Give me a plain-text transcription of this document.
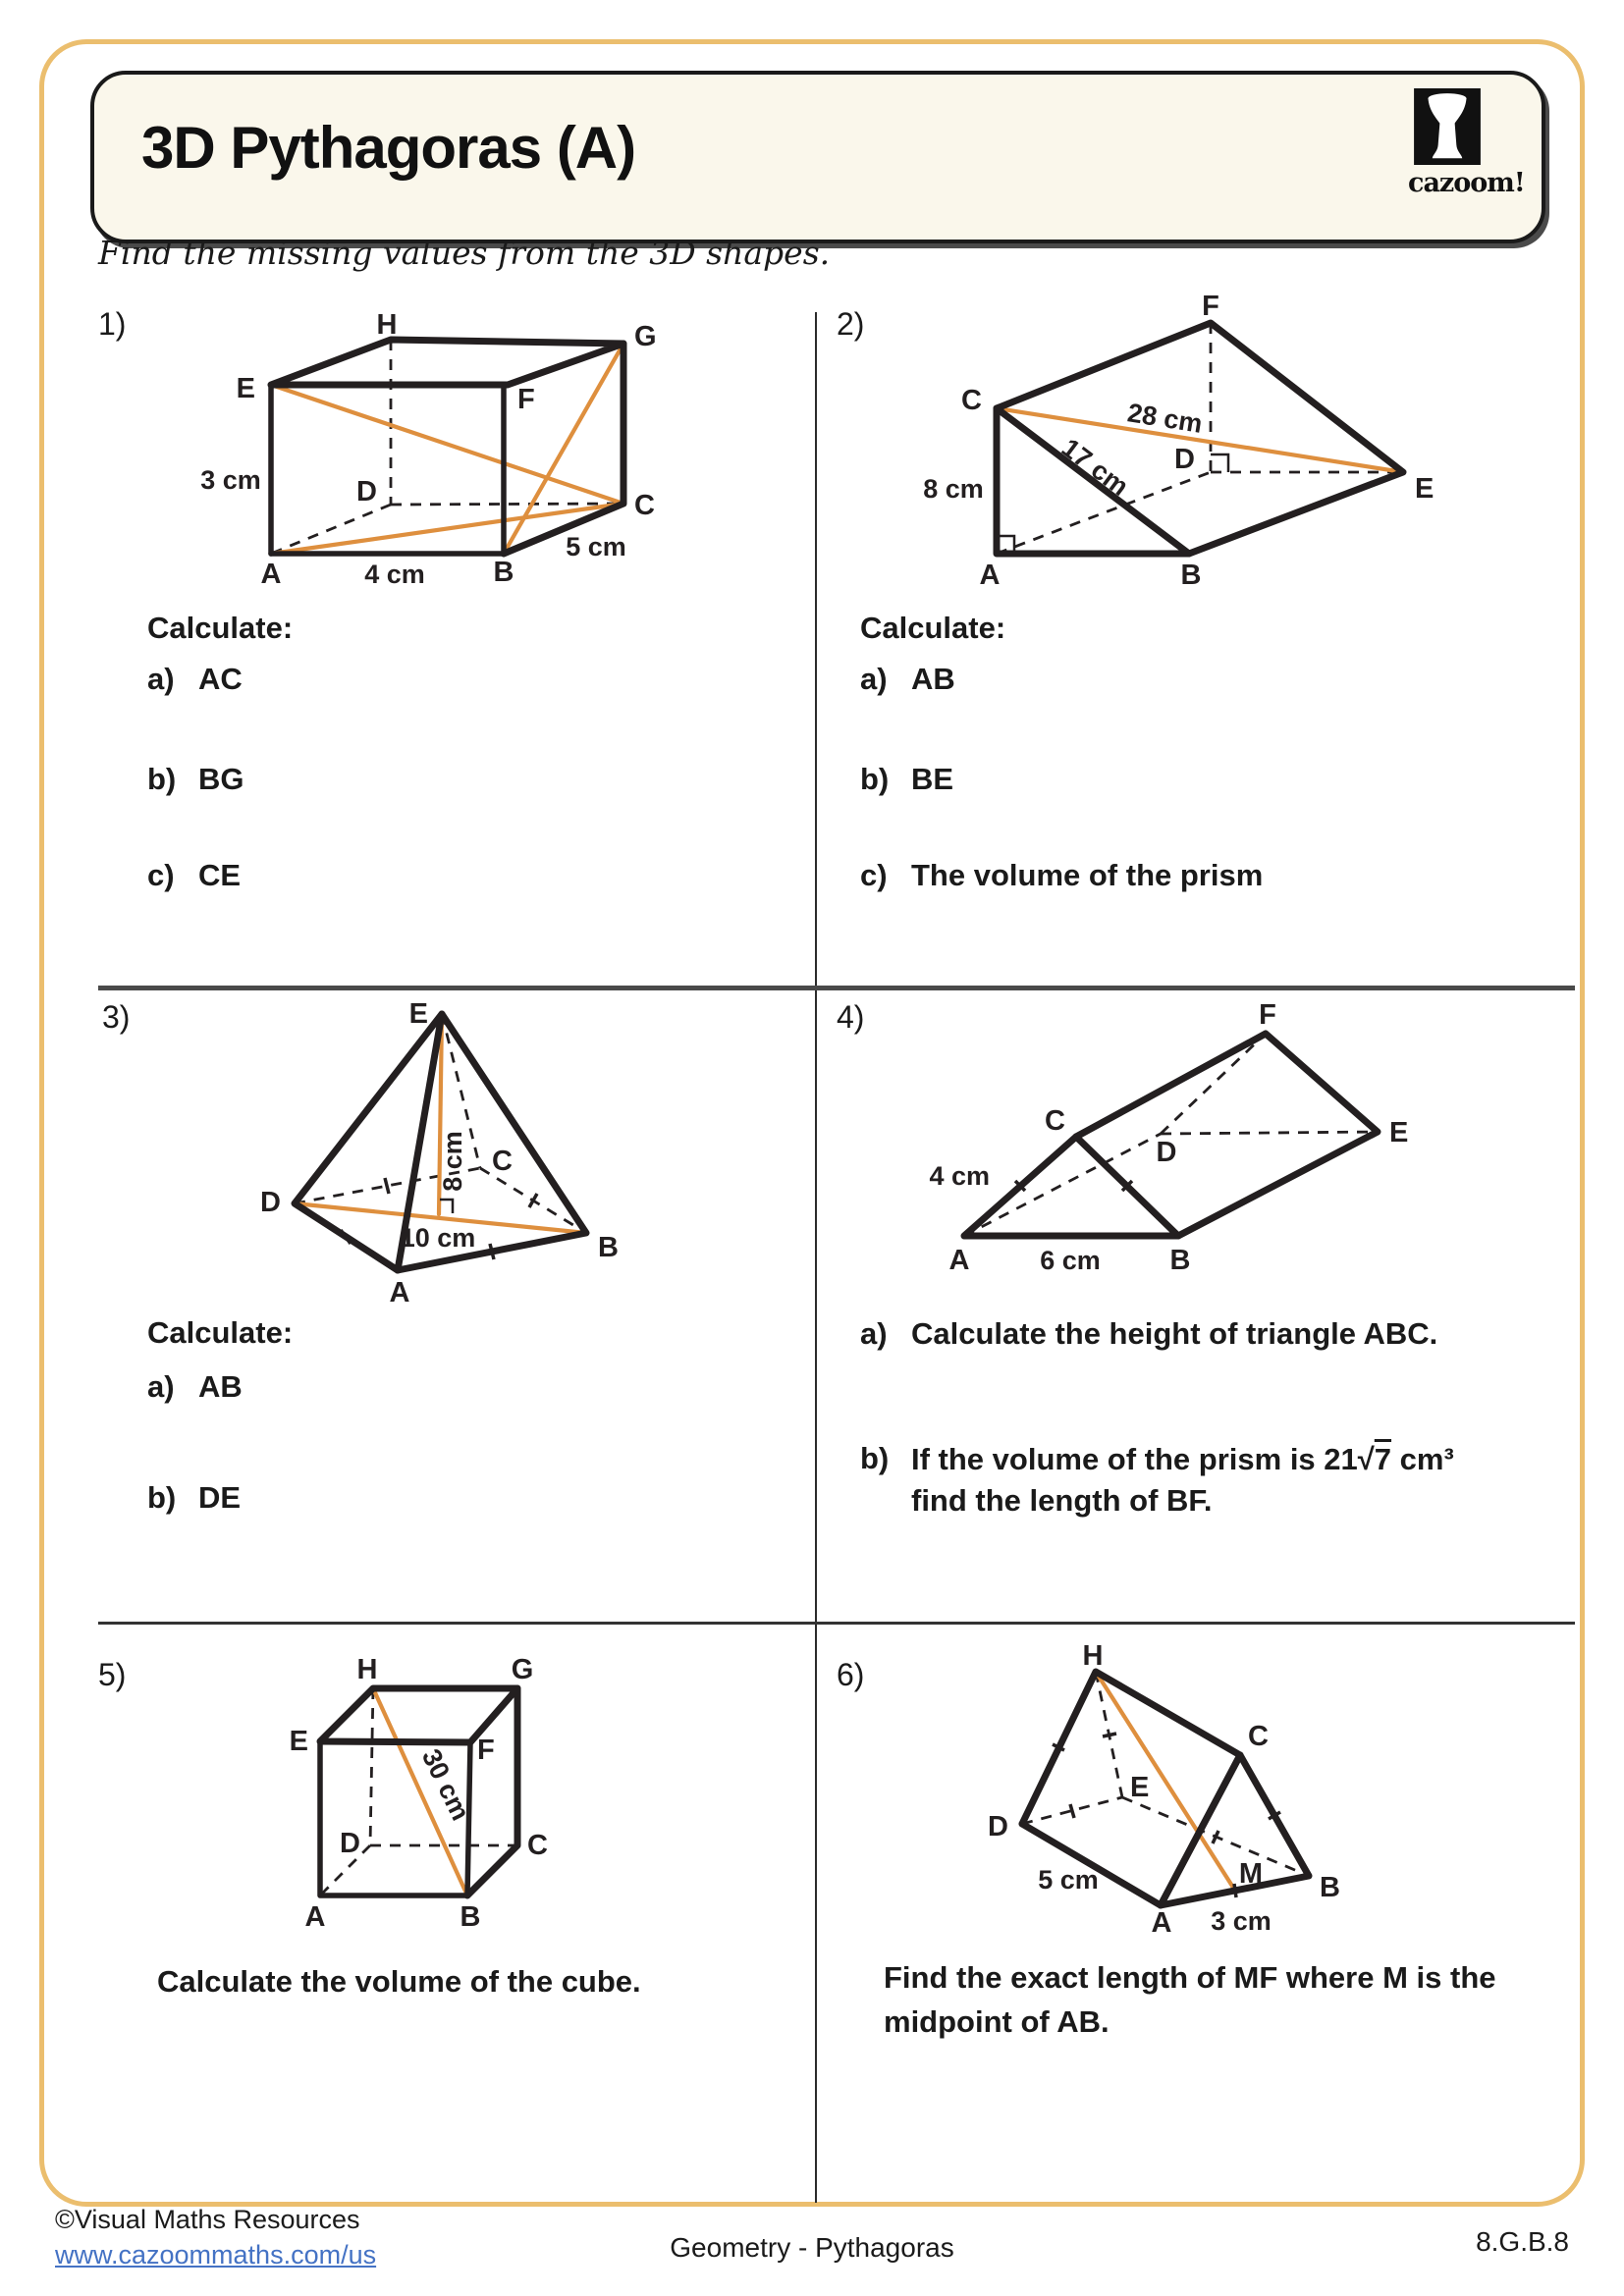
3D Pythagoras (A)
cazoom!
Find the missing values from the 3D shapes.
1)	2)
3)	4)
5)	6)
H	G
E	F
D	C
A	B
3 cm
4 cm
5 cm
F
C
D
E
A	B
8 cm	17 cm
28 cm
E
D
C
B
A
8 cm
10 cm
F
C
D
E
A	B
4 cm
6 cm
H	G
E	F
D	C
A	B
30 cm
H
C
D
E
A
M B
5 cm
3 cm
Calculate:
a) AC
b) BG
c) CE
Calculate:
a) AB
b) BE
c) The volume of the prism
Calculate:
a) AB
b) DE
a) Calculate the height of triangle ABC.
b) If the volume of the prism is 21√7 cm³
find the length of BF.
Calculate the volume of the cube.	Find the exact length of MF where M is the
midpoint of AB.
©Visual Maths Resources
www.cazoommaths.com/us	Geometry - Pythagoras	8.G.B.8
